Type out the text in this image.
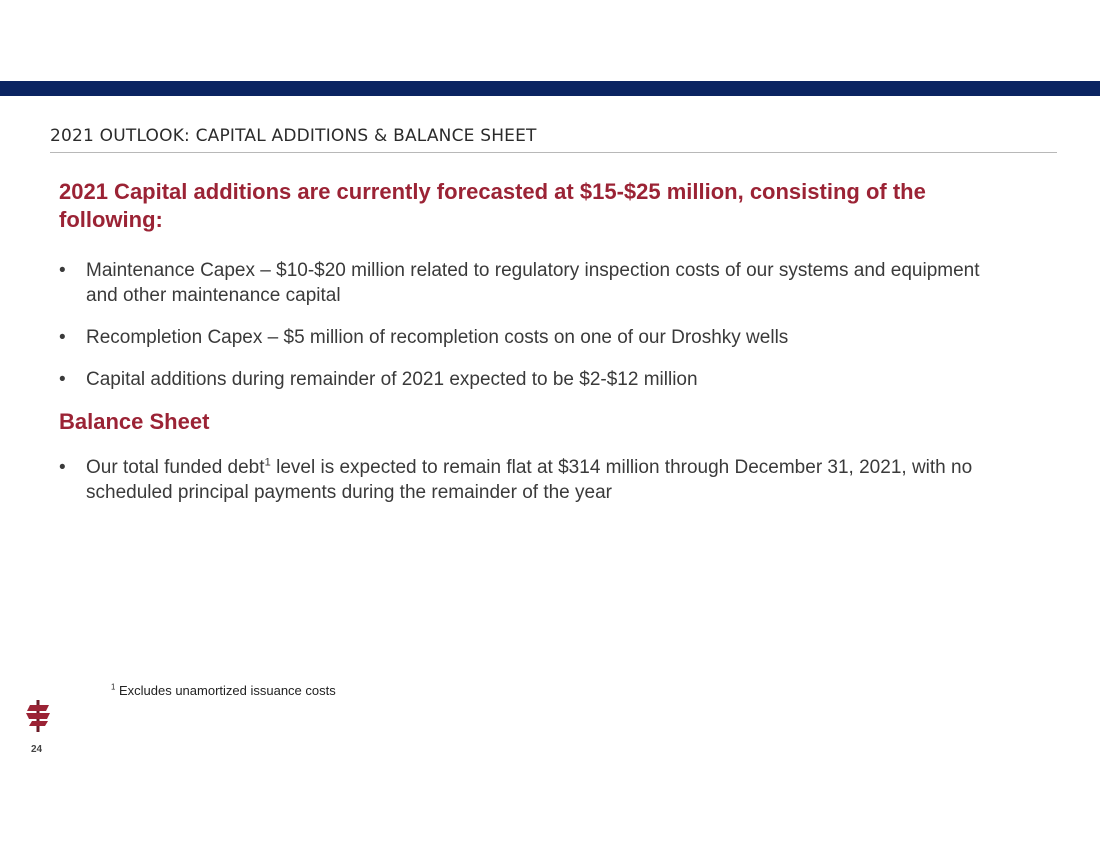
2021 OUTLOOK: CAPITAL ADDITIONS & BALANCE SHEET
2021 Capital additions are currently forecasted at $15-$25 million, consisting of the following:
• Maintenance Capex – $10-$20 million related to regulatory inspection costs of our systems and equipment and other maintenance capital
• Recompletion Capex – $5 million of recompletion costs on one of our Droshky wells
• Capital additions during remainder of 2021 expected to be $2-$12 million
Balance Sheet
• Our total funded debt$^1$ level is expected to remain flat at $314 million through December 31, 2021, with no scheduled principal payments during the remainder of the year
$^1$ Excludes unamortized issuance costs
24
